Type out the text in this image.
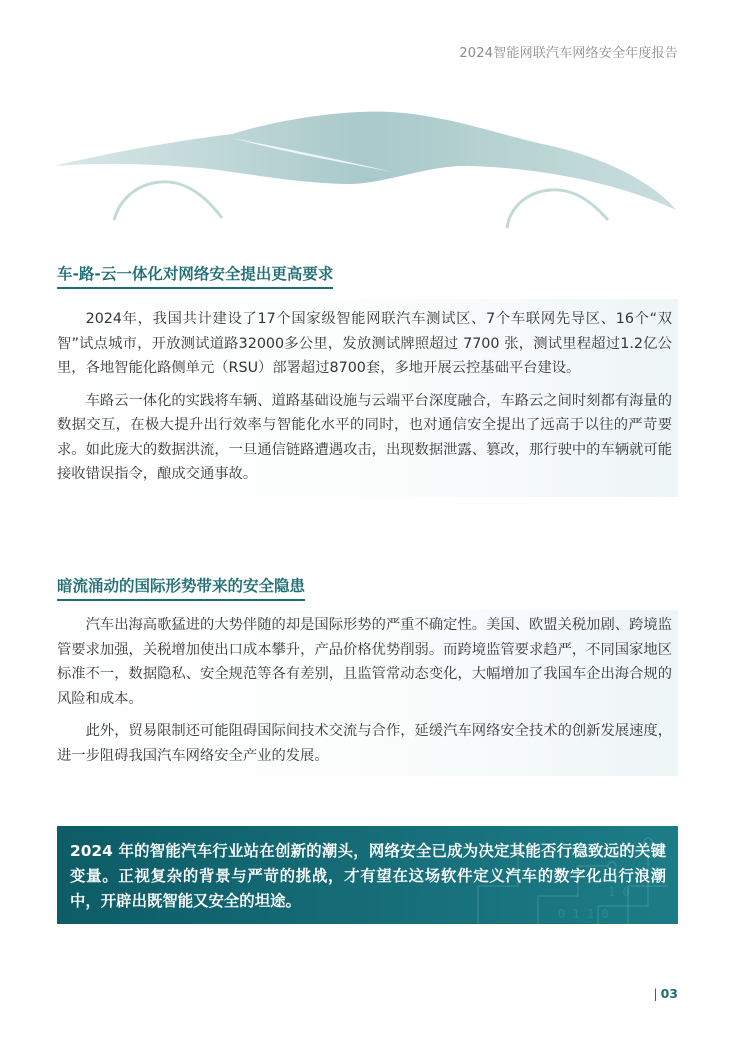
2024智能网联汽车网络安全年度报告
车-路-云一体化对网络安全提出更高要求

2024年，我国共计建设了17个国家级智能网联汽车测试区、7个车联网先导区、16个“双智”试点城市，开放测试道路32000多公里，发放测试牌照超过 7700 张，测试里程超过1.2亿公里，各地智能化路侧单元（RSU）部署超过8700套，多地开展云控基础平台建设。

车路云一体化的实践将车辆、道路基础设施与云端平台深度融合，车路云之间时刻都有海量的数据交互，在极大提升出行效率与智能化水平的同时，也对通信安全提出了远高于以往的严苛要求。如此庞大的数据洪流，一旦通信链路遭遇攻击，出现数据泄露、篡改，那行驶中的车辆就可能接收错误指令，酿成交通事故。

暗流涌动的国际形势带来的安全隐患

汽车出海高歌猛进的大势伴随的却是国际形势的严重不确定性。美国、欧盟关税加剧、跨境监管要求加强，关税增加使出口成本攀升，产品价格优势削弱。而跨境监管要求趋严，不同国家地区标准不一，数据隐私、安全规范等各有差别，且监管常动态变化，大幅增加了我国车企出海合规的风险和成本。

此外，贸易限制还可能阻碍国际间技术交流与合作，延缓汽车网络安全技术的创新发展速度，进一步阻碍我国汽车网络安全产业的发展。

0 1 1 0
1 0

2024 年的智能汽车行业站在创新的潮头，网络安全已成为决定其能否行稳致远的关键变量。正视复杂的背景与严苛的挑战，才有望在这场软件定义汽车的数字化出行浪潮中，开辟出既智能又安全的坦途。

| 03
